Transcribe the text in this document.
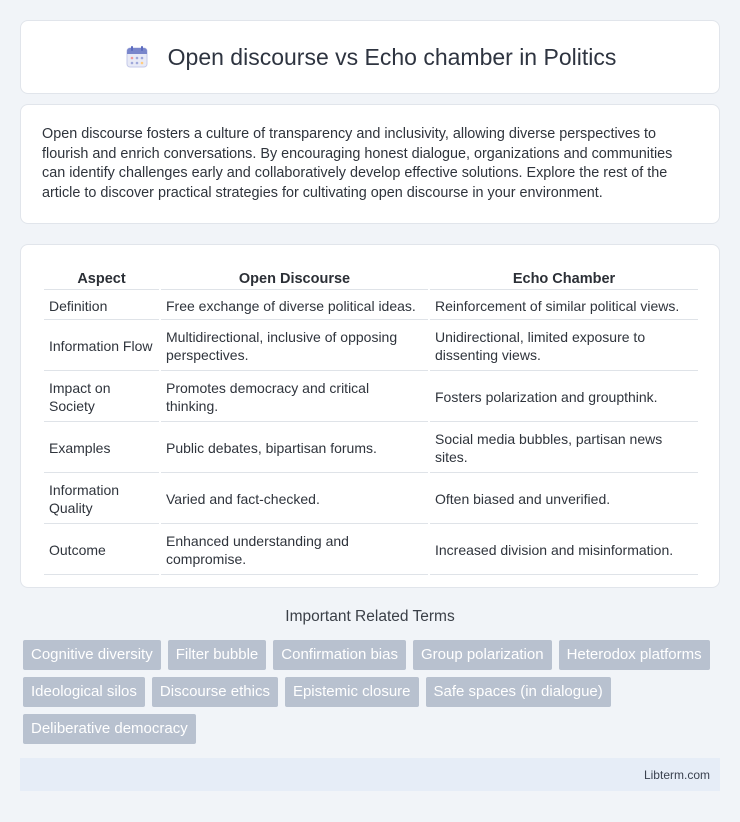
Open discourse vs Echo chamber in Politics

Open discourse fosters a culture of transparency and inclusivity, allowing diverse perspectives to flourish and enrich conversations. By encouraging honest dialogue, organizations and communities can identify challenges early and collaboratively develop effective solutions. Explore the rest of the article to discover practical strategies for cultivating open discourse in your environment.

Aspect	Open Discourse	Echo Chamber
Definition	Free exchange of diverse political ideas.	Reinforcement of similar political views.
Information Flow	Multidirectional, inclusive of opposing perspectives.	Unidirectional, limited exposure to dissenting views.
Impact on Society	Promotes democracy and critical thinking.	Fosters polarization and groupthink.
Examples	Public debates, bipartisan forums.	Social media bubbles, partisan news sites.
Information Quality	Varied and fact-checked.	Often biased and unverified.
Outcome	Enhanced understanding and compromise.	Increased division and misinformation.
Important Related Terms
Cognitive diversity	Filter bubble	Confirmation bias	Group polarization	Heterodox platforms
Ideological silos	Discourse ethics	Epistemic closure	Safe spaces (in dialogue)
Deliberative democracy
Libterm.com
